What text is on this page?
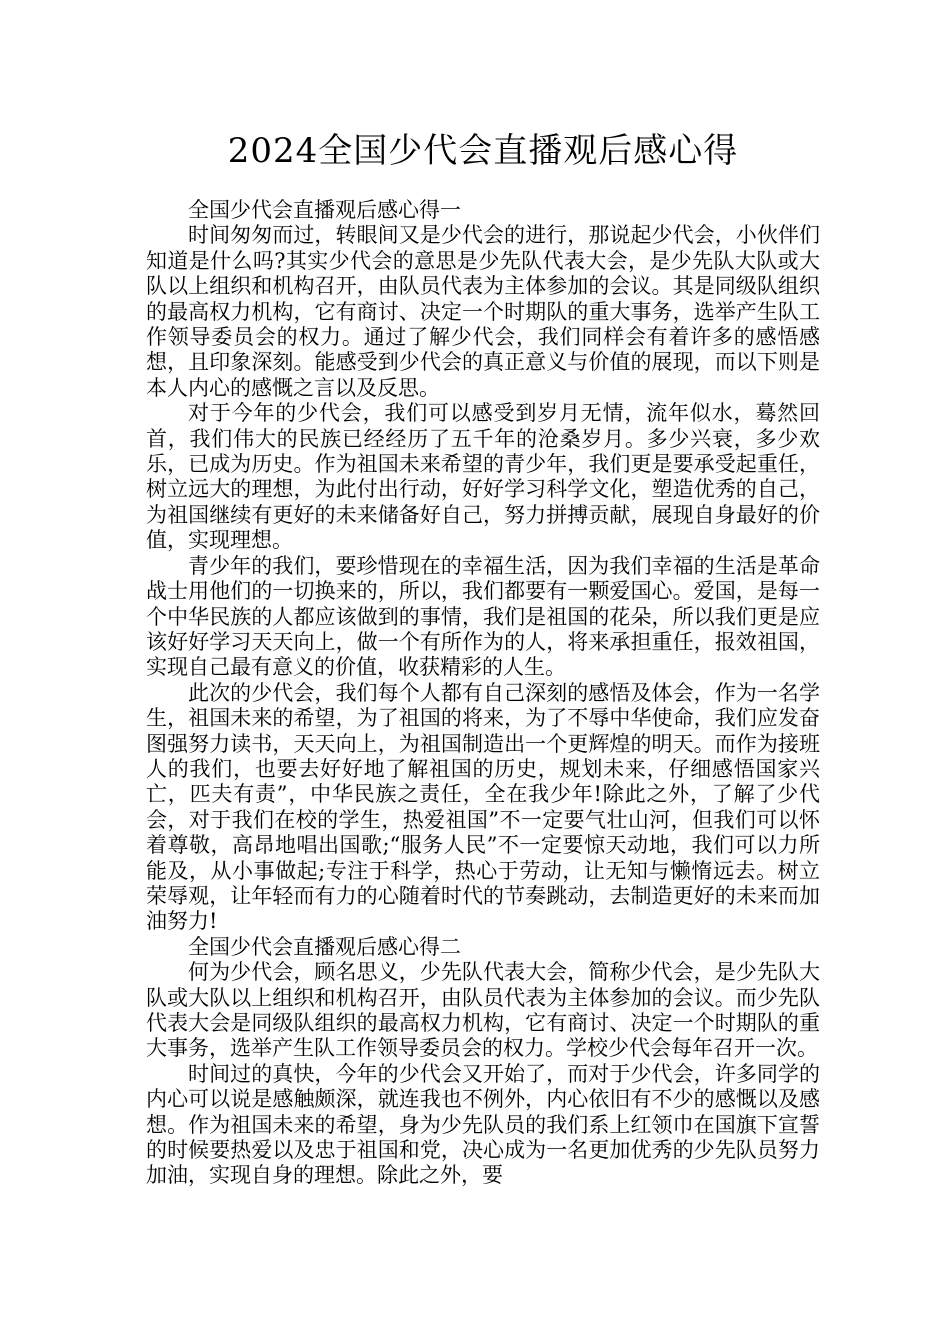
2024全国少代会直播观后感心得

全国少代会直播观后感心得一

时间匆匆而过，转眼间又是少代会的进行，那说起少代会，小伙伴们知道是什么吗?其实少代会的意思是少先队代表大会，是少先队大队或大队以上组织和机构召开，由队员代表为主体参加的会议。其是同级队组织的最高权力机构，它有商讨、决定一个时期队的重大事务，选举产生队工作领导委员会的权力。通过了解少代会，我们同样会有着许多的感悟感想，且印象深刻。能感受到少代会的真正意义与价值的展现，而以下则是本人内心的感慨之言以及反思。

对于今年的少代会，我们可以感受到岁月无情，流年似水，蓦然回首，我们伟大的民族已经经历了五千年的沧桑岁月。多少兴衰，多少欢乐，已成为历史。作为祖国未来希望的青少年，我们更是要承受起重任，树立远大的理想，为此付出行动，好好学习科学文化，塑造优秀的自己，为祖国继续有更好的未来储备好自己，努力拼搏贡献，展现自身最好的价值，实现理想。

青少年的我们，要珍惜现在的幸福生活，因为我们幸福的生活是革命战士用他们的一切换来的，所以，我们都要有一颗爱国心。爱国，是每一个中华民族的人都应该做到的事情，我们是祖国的花朵，所以我们更是应该好好学习天天向上，做一个有所作为的人，将来承担重任，报效祖国，实现自己最有意义的价值，收获精彩的人生。

此次的少代会，我们每个人都有自己深刻的感悟及体会，作为一名学生，祖国未来的希望，为了祖国的将来，为了不辱中华使命，我们应发奋图强努力读书，天天向上，为祖国制造出一个更辉煌的明天。而作为接班人的我们，也要去好好地了解祖国的历史，规划未来，仔细感悟国家兴亡，匹夫有责”，中华民族之责任，全在我少年!除此之外，了解了少代会，对于我们在校的学生，热爱祖国”不一定要气壮山河，但我们可以怀着尊敬，高昂地唱出国歌;“服务人民”不一定要惊天动地，我们可以力所能及，从小事做起;专注于科学，热心于劳动，让无知与懒惰远去。树立荣辱观，让年轻而有力的心随着时代的节奏跳动，去制造更好的未来而加油努力!

全国少代会直播观后感心得二

何为少代会，顾名思义，少先队代表大会，简称少代会，是少先队大队或大队以上组织和机构召开，由队员代表为主体参加的会议。而少先队代表大会是同级队组织的最高权力机构，它有商讨、决定一个时期队的重大事务，选举产生队工作领导委员会的权力。学校少代会每年召开一次。

时间过的真快，今年的少代会又开始了，而对于少代会，许多同学的内心可以说是感触颇深，就连我也不例外，内心依旧有不少的感慨以及感想。作为祖国未来的希望，身为少先队员的我们系上红领巾在国旗下宣誓的时候要热爱以及忠于祖国和党，决心成为一名更加优秀的少先队员努力加油，实现自身的理想。除此之外，要
